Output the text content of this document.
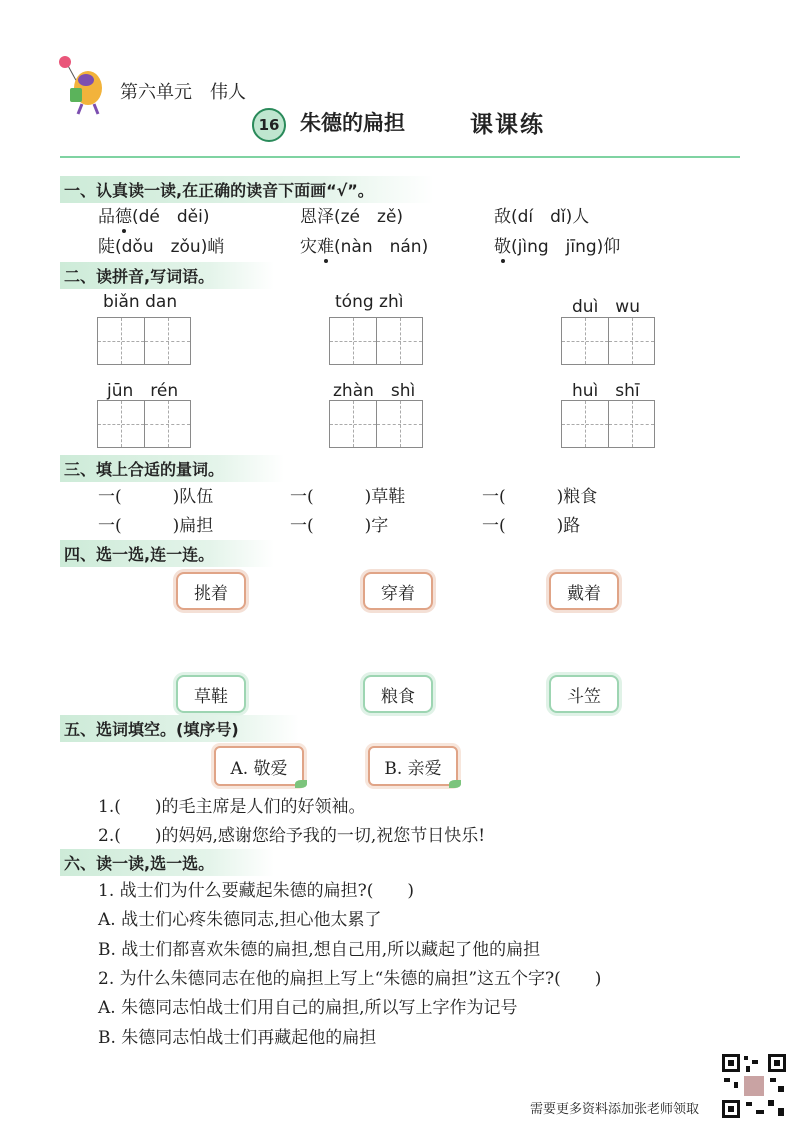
第六单元　伟人
16 朱德的扁担	课课练
一、认真读一读,在正确的读音下面画“√”。
品德(dé　děi)	恩泽(zé　zě)	敌(dí　dǐ)人
陡(dǒu　zǒu)峭	灾难(nàn　nán)	敬(jìng　jīng)仰
二、读拼音,写词语。
biǎn dan	tóng zhì	duì　wu
jūn　rén	zhàn　shì	huì　shī
三、填上合适的量词。
一(　　　)队伍	一(　　　)草鞋	一(　　　)粮食
一(　　　)扁担	一(　　　)字	一(　　　)路
四、选一选,连一连。
挑着	穿着	戴着
草鞋	粮食	斗笠
五、选词填空。(填序号)
A. 敬爱	B. 亲爱
1.(　　)的毛主席是人们的好领袖。
2.(　　)的妈妈,感谢您给予我的一切,祝您节日快乐!
六、读一读,选一选。
1. 战士们为什么要藏起朱德的扁担?(　　)
A. 战士们心疼朱德同志,担心他太累了
B. 战士们都喜欢朱德的扁担,想自己用,所以藏起了他的扁担
2. 为什么朱德同志在他的扁担上写上“朱德的扁担”这五个字?(　　)
A. 朱德同志怕战士们用自己的扁担,所以写上字作为记号
B. 朱德同志怕战士们再藏起他的扁担
需要更多资料添加张老师领取
